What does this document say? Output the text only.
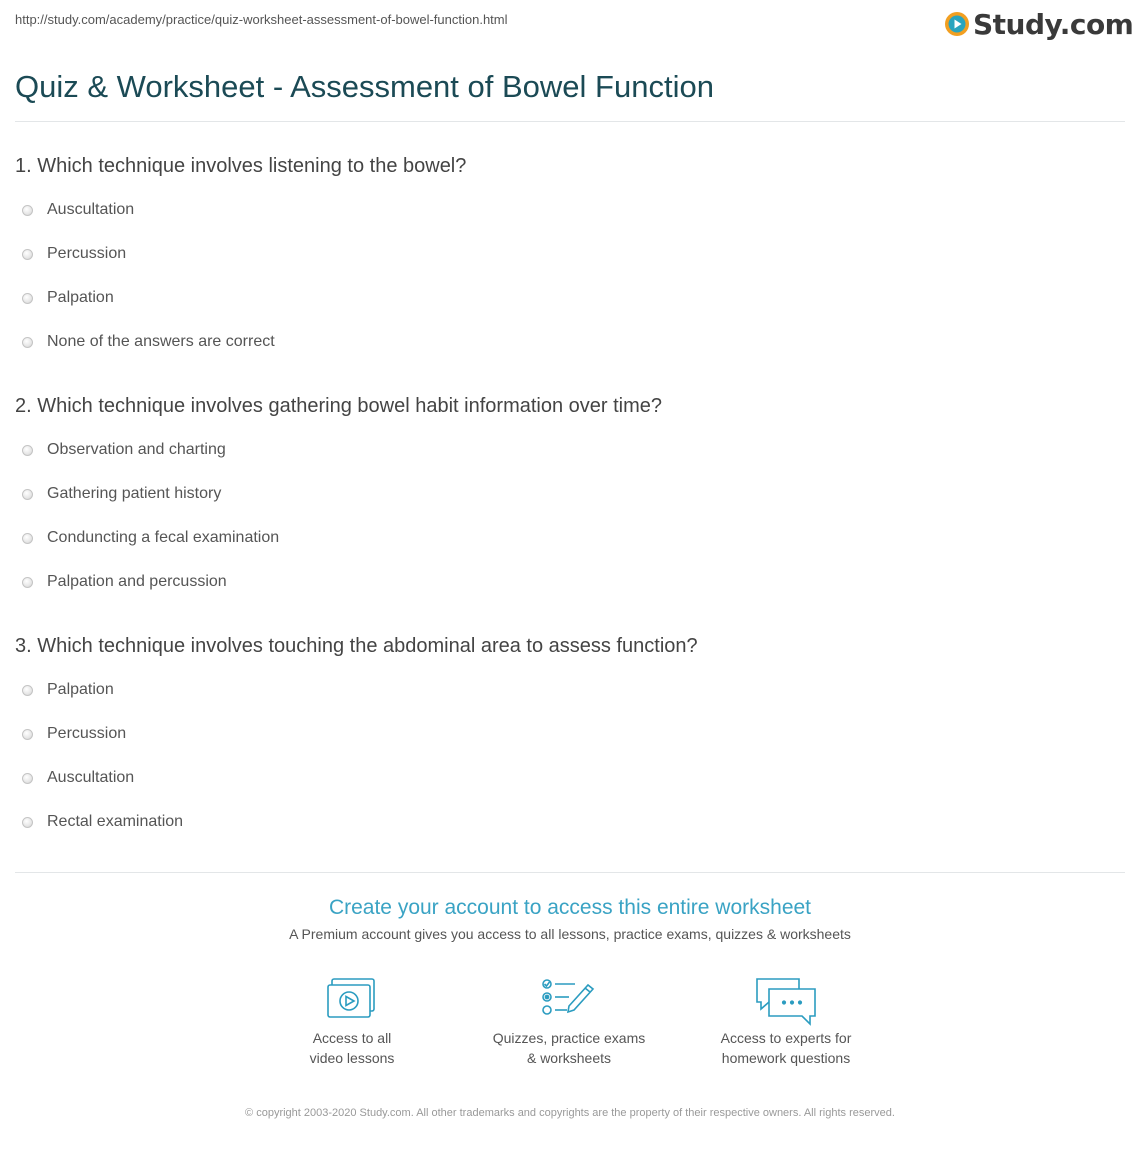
http://study.com/academy/practice/quiz-worksheet-assessment-of-bowel-function.html	Study.com
Quiz & Worksheet - Assessment of Bowel Function
1. Which technique involves listening to the bowel?
Auscultation
Percussion
Palpation
None of the answers are correct
2. Which technique involves gathering bowel habit information over time?
Observation and charting
Gathering patient history
Conduncting a fecal examination
Palpation and percussion
3. Which technique involves touching the abdominal area to assess function?
Palpation
Percussion
Auscultation
Rectal examination
Create your account to access this entire worksheet
A Premium account gives you access to all lessons, practice exams, quizzes & worksheets
Access to all
video lessons
Quizzes, practice exams
& worksheets
Access to experts for
homework questions
© copyright 2003-2020 Study.com. All other trademarks and copyrights are the property of their respective owners. All rights reserved.
